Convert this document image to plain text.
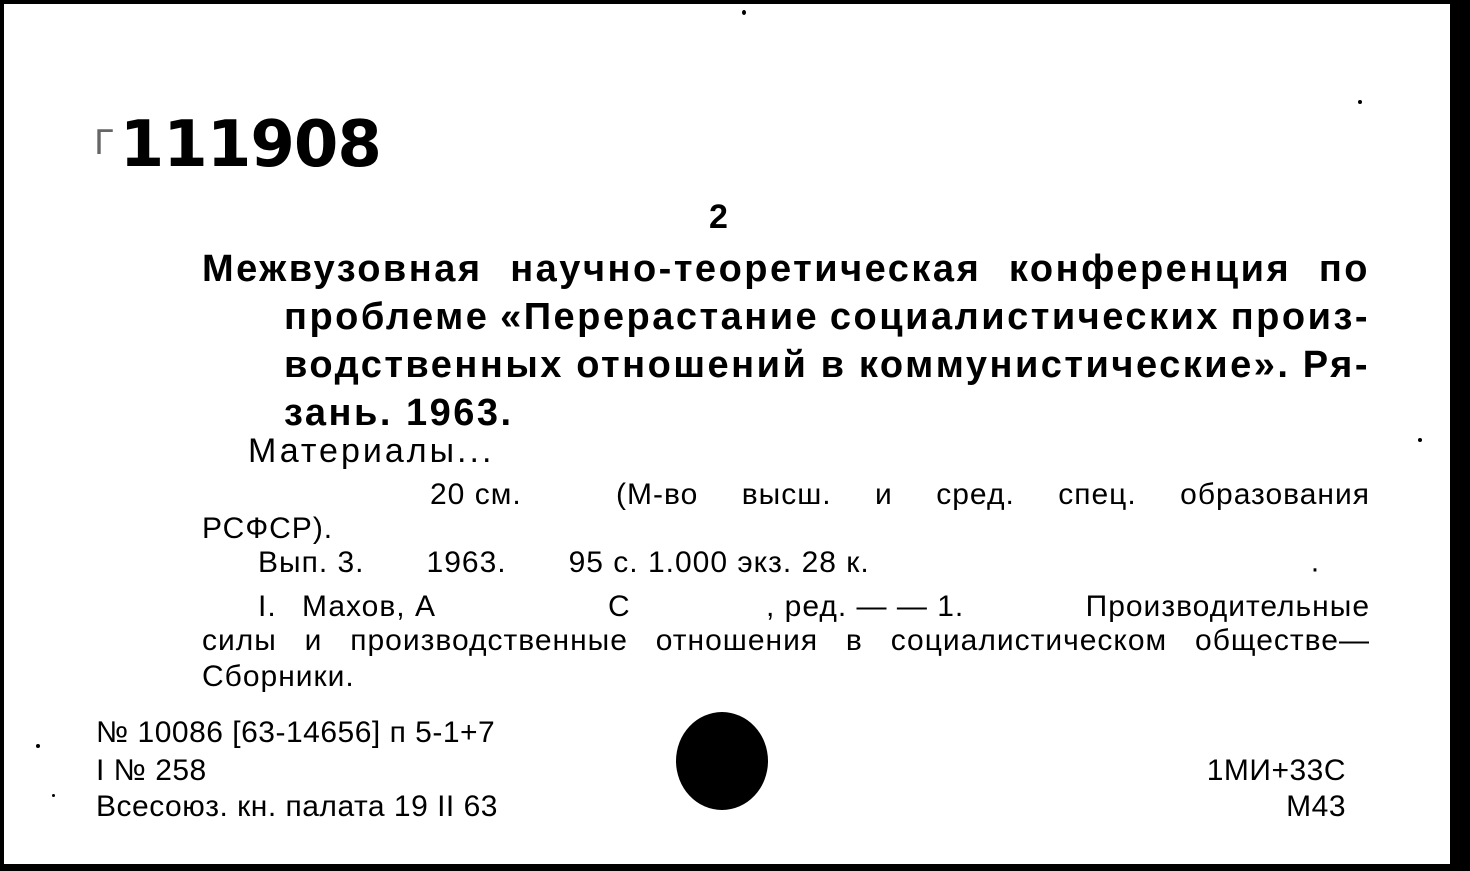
Г111908
2
Межвузовная научно-теоретическая конференция по
проблеме «Перерастание социалистических произ-
водственных отношений в коммунистические». Ря-
зань. 1963.
Материалы...
20 см.	(М-во высш. и сред. спец. образования
РСФСР).
Вып. 3. 1963. 95 с. 1.000 экз. 28 к.	·
I. Махов, А	С	, ред. — — 1.	Производительные
силы и производственные отношения в социалистическом обществе—
Сборники.
№ 10086 [63-14656] п 5-1+7
I № 258
Всесоюз. кн. палата 19 II 63
1МИ+33С
М43
